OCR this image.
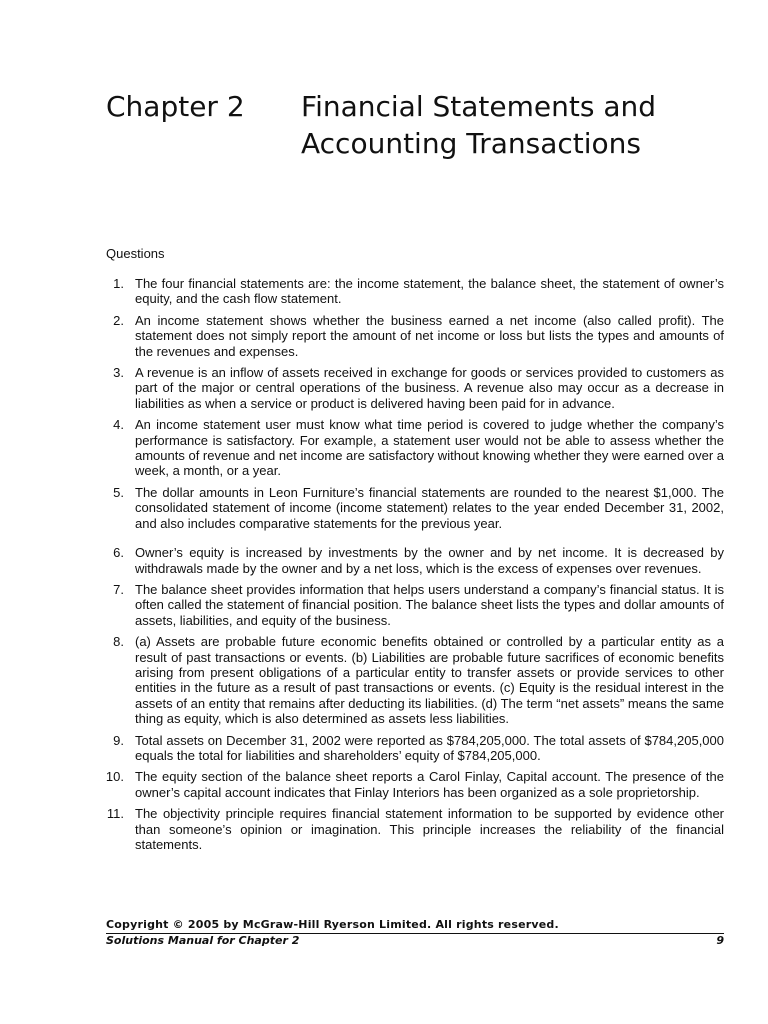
Chapter 2 Financial Statements and
Accounting Transactions
Questions
1. The four financial statements are: the income statement, the balance sheet, the statement of owner’s equity, and the cash flow statement.
2. An income statement shows whether the business earned a net income (also called profit). The statement does not simply report the amount of net income or loss but lists the types and amounts of the revenues and expenses.
3. A revenue is an inflow of assets received in exchange for goods or services provided to customers as part of the major or central operations of the business. A revenue also may occur as a decrease in liabilities as when a service or product is delivered having been paid for in advance.
4. An income statement user must know what time period is covered to judge whether the company’s performance is satisfactory. For example, a statement user would not be able to assess whether the amounts of revenue and net income are satisfactory without knowing whether they were earned over a week, a month, or a year.
5. The dollar amounts in Leon Furniture’s financial statements are rounded to the nearest $1,000. The consolidated statement of income (income statement) relates to the year ended December 31, 2002, and also includes comparative statements for the previous year.
6. Owner’s equity is increased by investments by the owner and by net income. It is decreased by withdrawals made by the owner and by a net loss, which is the excess of expenses over revenues.
7. The balance sheet provides information that helps users understand a company’s financial status. It is often called the statement of financial position. The balance sheet lists the types and dollar amounts of assets, liabilities, and equity of the business.
8. (a) Assets are probable future economic benefits obtained or controlled by a particular entity as a result of past transactions or events. (b) Liabilities are probable future sacrifices of economic benefits arising from present obligations of a particular entity to transfer assets or provide services to other entities in the future as a result of past transactions or events. (c) Equity is the residual interest in the assets of an entity that remains after deducting its liabilities. (d) The term “net assets” means the same thing as equity, which is also determined as assets less liabilities.
9. Total assets on December 31, 2002 were reported as $784,205,000. The total assets of $784,205,000 equals the total for liabilities and shareholders’ equity of $784,205,000.
10. The equity section of the balance sheet reports a Carol Finlay, Capital account. The presence of the owner’s capital account indicates that Finlay Interiors has been organized as a sole proprietorship.
11. The objectivity principle requires financial statement information to be supported by evidence other than someone’s opinion or imagination. This principle increases the reliability of the financial statements.
Copyright © 2005 by McGraw-Hill Ryerson Limited. All rights reserved.
Solutions Manual for Chapter 2	9
